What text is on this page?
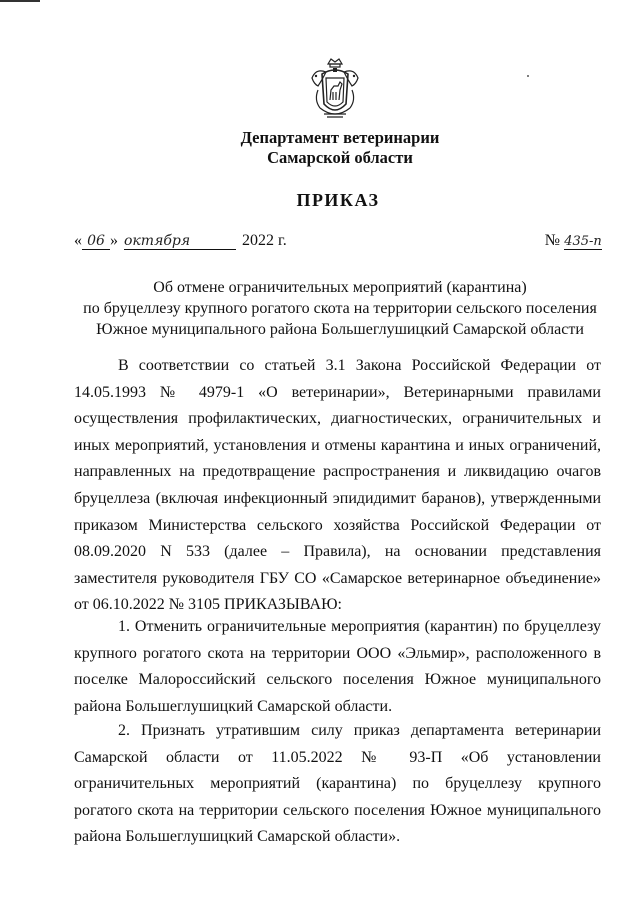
Департамент ветеринарии
Самарской области
ПРИКАЗ
« 06 » октября	2022 г.	№ 435-п
Об отмене ограничительных мероприятий (карантина)
по бруцеллезу крупного рогатого скота на территории сельского поселения
Южное муниципального района Большеглушицкий Самарской области

В соответствии со статьей 3.1 Закона Российской Федерации от 14.05.1993 № 4979-1 «О ветеринарии», Ветеринарными правилами осуществления профилактических, диагностических, ограничительных и иных мероприятий, установления и отмены карантина и иных ограничений, направленных на предотвращение распространения и ликвидацию очагов бруцеллеза (включая инфекционный эпидидимит баранов), утвержденными приказом Министерства сельского хозяйства Российской Федерации от 08.09.2020 N 533 (далее – Правила), на основании представления заместителя руководителя ГБУ СО «Самарское ветеринарное объединение» от 06.10.2022 № 3105 ПРИКАЗЫВАЮ:

1. Отменить ограничительные мероприятия (карантин) по бруцеллезу крупного рогатого скота на территории ООО «Эльмир», расположенного в поселке Малороссийский сельского поселения Южное муниципального района Большеглушицкий Самарской области.

2. Признать утратившим силу приказ департамента ветеринарии Самарской области от 11.05.2022 № 93-П «Об установлении ограничительных мероприятий (карантина) по бруцеллезу крупного рогатого скота на территории сельского поселения Южное муниципального района Большеглушицкий Самарской области».
